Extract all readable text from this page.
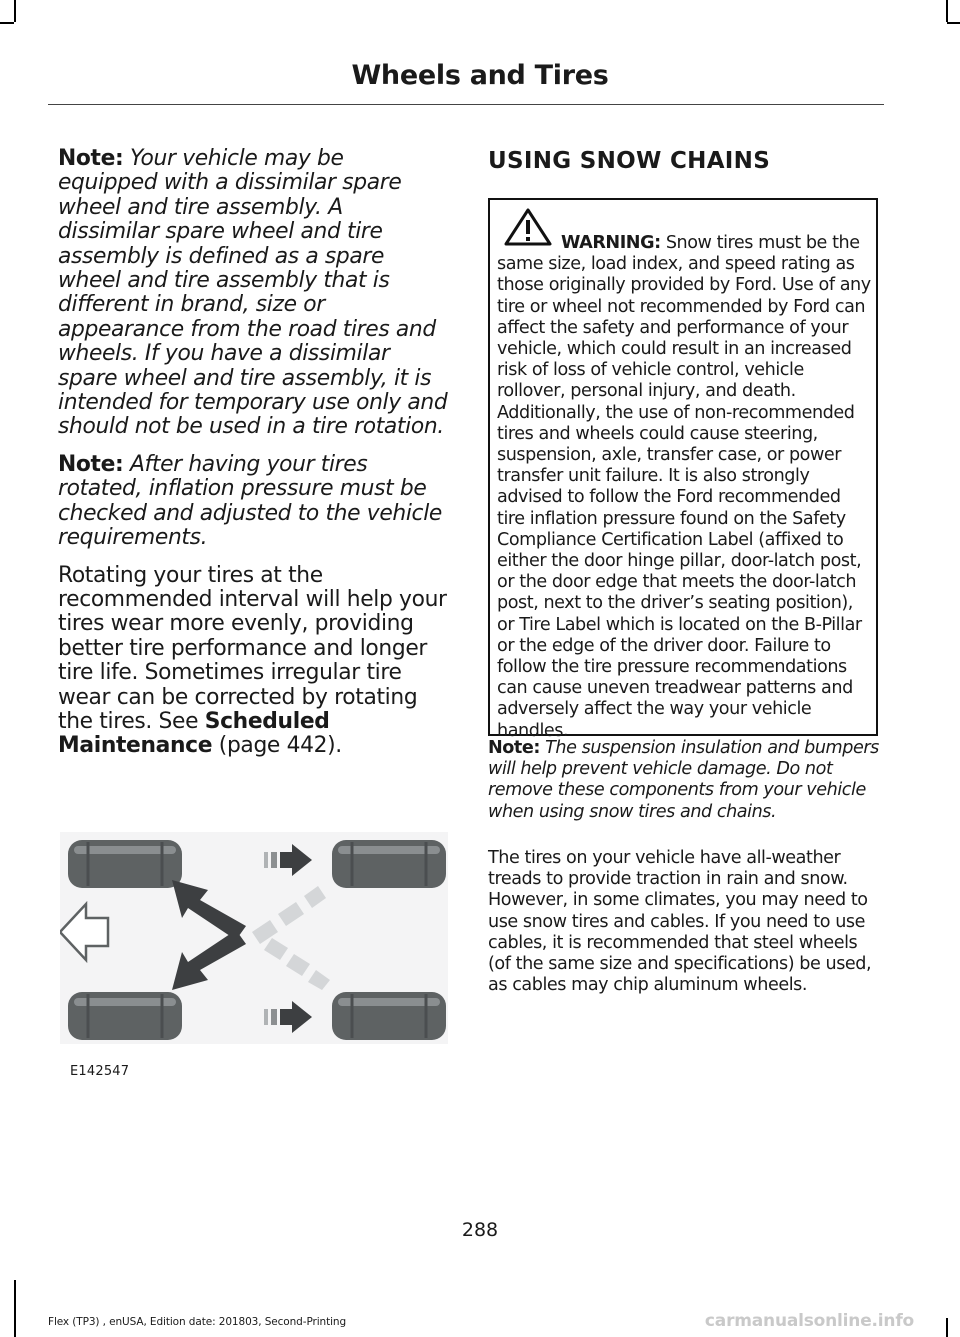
Wheels and Tires

Note: Your vehicle may be equipped with a dissimilar spare wheel and tire assembly. A dissimilar spare wheel and tire assembly is defined as a spare wheel and tire assembly that is different in brand, size or appearance from the road tires and wheels. If you have a dissimilar spare wheel and tire assembly, it is intended for temporary use only and should not be used in a tire rotation.

Note: After having your tires rotated, inflation pressure must be checked and adjusted to the vehicle requirements.

Rotating your tires at the recommended interval will help your tires wear more evenly, providing better tire performance and longer tire life. Sometimes irregular tire wear can be corrected by rotating the tires. See Scheduled Maintenance (page 442).

E142547
USING SNOW CHAINS
WARNING: Snow tires must be the same size, load index, and speed rating as those originally provided by Ford. Use of any tire or wheel not recommended by Ford can affect the safety and performance of your vehicle, which could result in an increased risk of loss of vehicle control, vehicle rollover, personal injury, and death. Additionally, the use of non-recommended tires and wheels could cause steering, suspension, axle, transfer case, or power transfer unit failure. It is also strongly advised to follow the Ford recommended tire inflation pressure found on the Safety Compliance Certification Label (affixed to either the door hinge pillar, door-latch post, or the door edge that meets the door-latch post, next to the driver’s seating position), or Tire Label which is located on the B-Pillar or the edge of the driver door. Failure to follow the tire pressure recommendations can cause uneven treadwear patterns and adversely affect the way your vehicle handles.

Note: The suspension insulation and bumpers will help prevent vehicle damage. Do not remove these components from your vehicle when using snow tires and chains.

The tires on your vehicle have all-weather treads to provide traction in rain and snow. However, in some climates, you may need to use snow tires and cables. If you need to use cables, it is recommended that steel wheels (of the same size and specifications) be used, as cables may chip aluminum wheels.

288
Flex (TP3) , enUSA, Edition date: 201803, Second-Printing	carmanualsonline.info
